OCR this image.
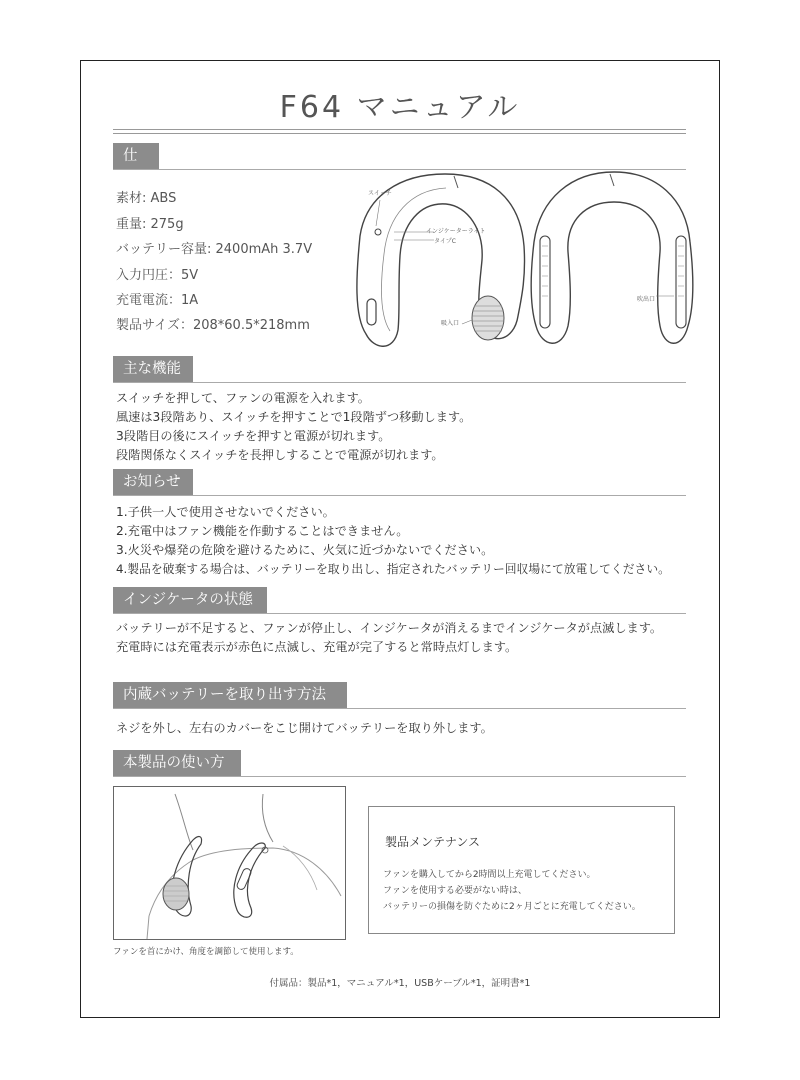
F64 マニュアル
仕様
素材: ABS
重量: 275g
バッテリー容量: 2400mAh 3.7V
入力円圧：5V
充電電流：1A
製品サイズ：208*60.5*218mm
スイッチ
インジケーターライト
タイプC
吸入口
吹出口
主な機能
スイッチを押して、ファンの電源を入れます。
風速は3段階あり、スイッチを押すことで1段階ずつ移動します。
3段階目の後にスイッチを押すと電源が切れます。
段階関係なくスイッチを長押しすることで電源が切れます。
お知らせ
1.子供一人で使用させないでください。
2.充電中はファン機能を作動することはできません。
3.火災や爆発の危険を避けるために、火気に近づかないでください。
4.製品を破棄する場合は、バッテリーを取り出し、指定されたバッテリー回収場にて放電してください。
インジケータの状態
バッテリーが不足すると、ファンが停止し、インジケータが消えるまでインジケータが点滅します。
充電時には充電表示が赤色に点滅し、充電が完了すると常時点灯します。
内蔵バッテリーを取り出す方法
ネジを外し、左右のカバーをこじ開けてバッテリーを取り外します。
本製品の使い方
ファンを首にかけ、角度を調節して使用します。
製品メンテナンス
ファンを購入してから2時間以上充電してください。
ファンを使用する必要がない時は、
バッテリーの損傷を防ぐために2ヶ月ごとに充電してください。
付属品：製品*1，マニュアル*1，USBケーブル*1，証明書*1
